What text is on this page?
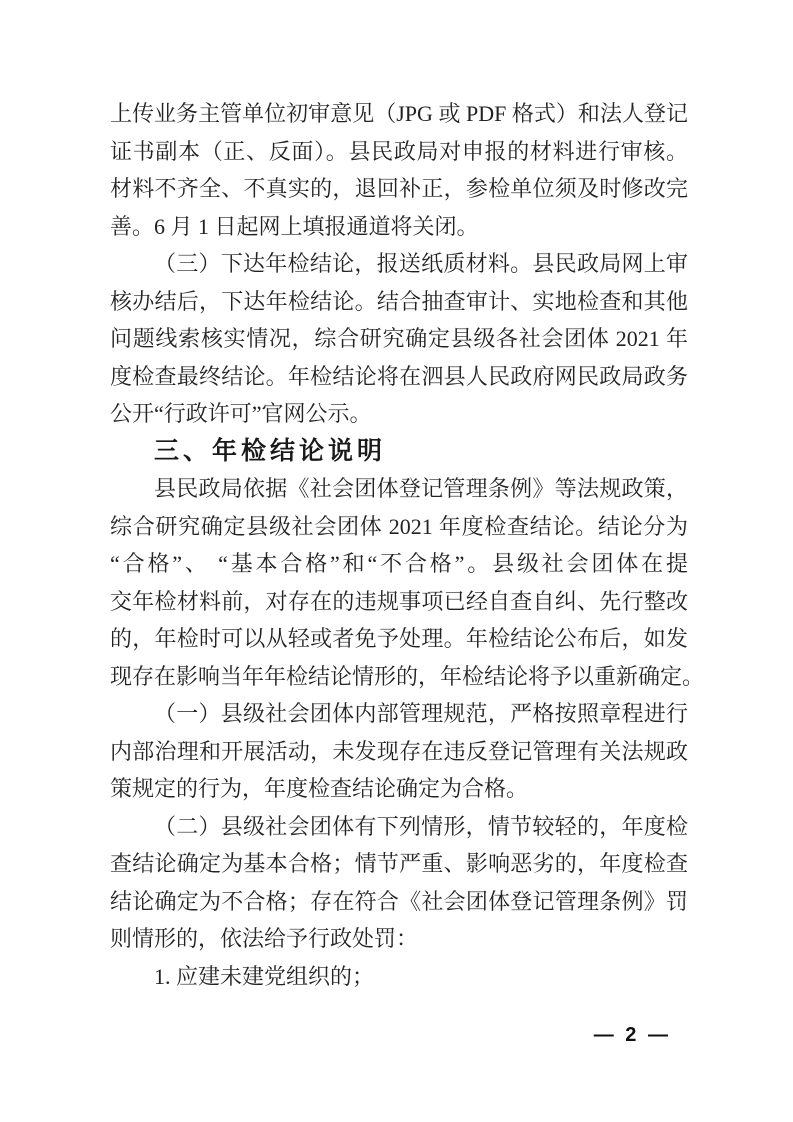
上传业务主管单位初审意见（JPG 或 PDF 格式）和法人登记
证书副本（正、反面）。县民政局对申报的材料进行审核。
材料不齐全、不真实的，退回补正，参检单位须及时修改完
善。6 月 1 日起网上填报通道将关闭。
（三）下达年检结论，报送纸质材料。县民政局网上审
核办结后，下达年检结论。结合抽查审计、实地检查和其他
问题线索核实情况，综合研究确定县级各社会团体 2021 年
度检查最终结论。年检结论将在泗县人民政府网民政局政务
公开“行政许可”官网公示。
三、年检结论说明
县民政局依据《社会团体登记管理条例》等法规政策，
综合研究确定县级社会团体 2021 年度检查结论。结论分为
“合格”、 “基本合格”和“不合格”。县级社会团体在提
交年检材料前，对存在的违规事项已经自查自纠、先行整改
的，年检时可以从轻或者免予处理。年检结论公布后，如发
现存在影响当年年检结论情形的，年检结论将予以重新确定。
（一）县级社会团体内部管理规范，严格按照章程进行
内部治理和开展活动，未发现存在违反登记管理有关法规政
策规定的行为，年度检查结论确定为合格。
（二）县级社会团体有下列情形，情节较轻的，年度检
查结论确定为基本合格；情节严重、影响恶劣的，年度检查
结论确定为不合格；存在符合《社会团体登记管理条例》罚
则情形的，依法给予行政处罚：
1. 应建未建党组织的；
— 2 —
